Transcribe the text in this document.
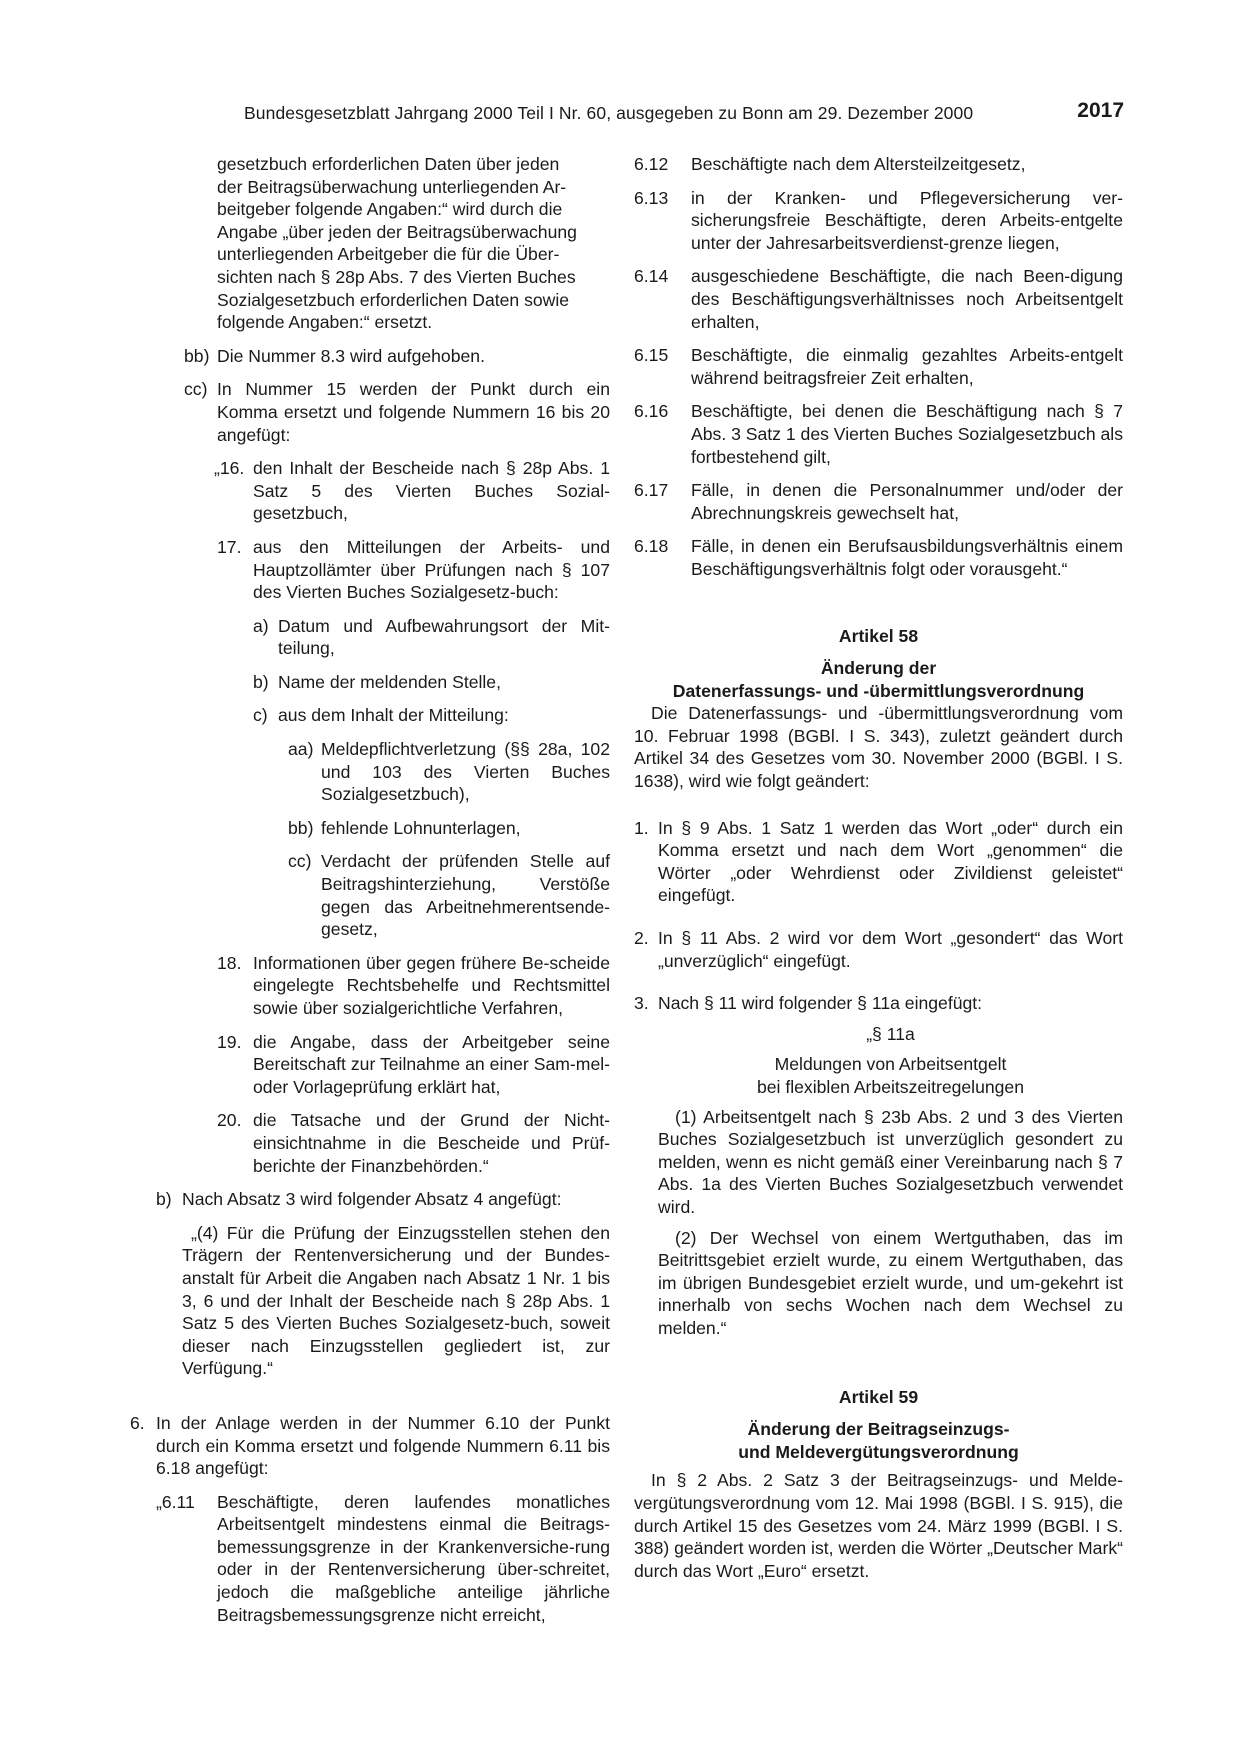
Bundesgesetzblatt Jahrgang 2000 Teil I Nr. 60, ausgegeben zu Bonn am 29. Dezember 2000	2017
gesetzbuch erforderlichen Daten über jeden
der Beitragsüberwachung unterliegenden Ar-
beitgeber folgende Angaben:“ wird durch die
Angabe „über jeden der Beitragsüberwachung
unterliegenden Arbeitgeber die für die Über-
sichten nach § 28p Abs. 7 des Vierten Buches
Sozialgesetzbuch erforderlichen Daten sowie
folgende Angaben:“ ersetzt.
bb) Die Nummer 8.3 wird aufgehoben.
cc) In Nummer 15 werden der Punkt durch ein Komma ersetzt und folgende Nummern 16 bis 20 angefügt:
„16. den Inhalt der Bescheide nach § 28p Abs. 1 Satz 5 des Vierten Buches Sozial-gesetzbuch,
17. aus den Mitteilungen der Arbeits- und Hauptzollämter über Prüfungen nach § 107 des Vierten Buches Sozialgesetz-buch:
a) Datum und Aufbewahrungsort der Mit-teilung,
b) Name der meldenden Stelle,
c) aus dem Inhalt der Mitteilung:
aa) Meldepflichtverletzung (§§ 28a, 102 und 103 des Vierten Buches Sozialgesetzbuch),
bb) fehlende Lohnunterlagen,
cc) Verdacht der prüfenden Stelle auf Beitragshinterziehung, Verstöße gegen das Arbeitnehmerentsende-gesetz,
18. Informationen über gegen frühere Be-scheide eingelegte Rechtsbehelfe und Rechtsmittel sowie über sozialgerichtliche Verfahren,
19. die Angabe, dass der Arbeitgeber seine Bereitschaft zur Teilnahme an einer Sam-mel- oder Vorlageprüfung erklärt hat,
20. die Tatsache und der Grund der Nicht-einsichtnahme in die Bescheide und Prüf-berichte der Finanzbehörden.“
b) Nach Absatz 3 wird folgender Absatz 4 angefügt:

„(4) Für die Prüfung der Einzugsstellen stehen den Trägern der Rentenversicherung und der Bundes-anstalt für Arbeit die Angaben nach Absatz 1 Nr. 1 bis 3, 6 und der Inhalt der Bescheide nach § 28p Abs. 1 Satz 5 des Vierten Buches Sozialgesetz-buch, soweit dieser nach Einzugsstellen gegliedert ist, zur Verfügung.“

6. In der Anlage werden in der Nummer 6.10 der Punkt durch ein Komma ersetzt und folgende Nummern 6.11 bis 6.18 angefügt:
„6.11	Beschäftigte, deren laufendes monatliches Arbeitsentgelt mindestens einmal die Beitrags-bemessungsgrenze in der Krankenversiche-rung oder in der Rentenversicherung über-schreitet, jedoch die maßgebliche anteilige jährliche Beitragsbemessungsgrenze nicht erreicht,
6.12	Beschäftigte nach dem Altersteilzeitgesetz,
6.13	in der Kranken- und Pflegeversicherung ver-sicherungsfreie Beschäftigte, deren Arbeits-entgelte unter der Jahresarbeitsverdienst-grenze liegen,
6.14	ausgeschiedene Beschäftigte, die nach Been-digung des Beschäftigungsverhältnisses noch Arbeitsentgelt erhalten,
6.15	Beschäftigte, die einmalig gezahltes Arbeits-entgelt während beitragsfreier Zeit erhalten,
6.16	Beschäftigte, bei denen die Beschäftigung nach § 7 Abs. 3 Satz 1 des Vierten Buches Sozialgesetzbuch als fortbestehend gilt,
6.17	Fälle, in denen die Personalnummer und/oder der Abrechnungskreis gewechselt hat,
6.18	Fälle, in denen ein Berufsausbildungsverhältnis einem Beschäftigungsverhältnis folgt oder vorausgeht.“

Artikel 58

Änderung der

Datenerfassungs- und -übermittlungsverordnung

Die Datenerfassungs- und -übermittlungsverordnung vom 10. Februar 1998 (BGBl. I S. 343), zuletzt geändert durch Artikel 34 des Gesetzes vom 30. November 2000 (BGBl. I S. 1638), wird wie folgt geändert:

1. In § 9 Abs. 1 Satz 1 werden das Wort „oder“ durch ein Komma ersetzt und nach dem Wort „genommen“ die Wörter „oder Wehrdienst oder Zivildienst geleistet“ eingefügt.
2. In § 11 Abs. 2 wird vor dem Wort „gesondert“ das Wort „unverzüglich“ eingefügt.
3. Nach § 11 wird folgender § 11a eingefügt:

„§ 11a

Meldungen von Arbeitsentgelt

bei flexiblen Arbeitszeitregelungen

(1) Arbeitsentgelt nach § 23b Abs. 2 und 3 des Vierten Buches Sozialgesetzbuch ist unverzüglich gesondert zu melden, wenn es nicht gemäß einer Vereinbarung nach § 7 Abs. 1a des Vierten Buches Sozialgesetzbuch verwendet wird.

(2) Der Wechsel von einem Wertguthaben, das im Beitrittsgebiet erzielt wurde, zu einem Wertguthaben, das im übrigen Bundesgebiet erzielt wurde, und um-gekehrt ist innerhalb von sechs Wochen nach dem Wechsel zu melden.“

Artikel 59

Änderung der Beitragseinzugs-

und Meldevergütungsverordnung

In § 2 Abs. 2 Satz 3 der Beitragseinzugs- und Melde-vergütungsverordnung vom 12. Mai 1998 (BGBl. I S. 915), die durch Artikel 15 des Gesetzes vom 24. März 1999 (BGBl. I S. 388) geändert worden ist, werden die Wörter „Deutscher Mark“ durch das Wort „Euro“ ersetzt.
